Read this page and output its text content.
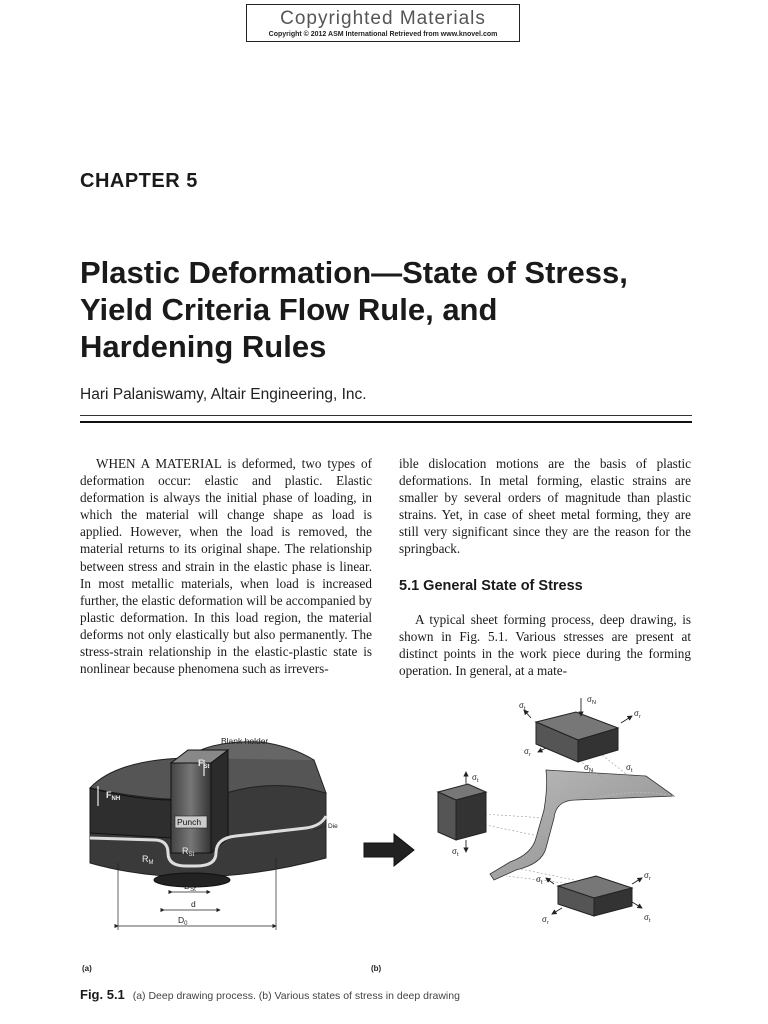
Copyrighted Materials
Copyright © 2012 ASM International Retrieved from www.knovel.com
CHAPTER 5
Plastic Deformation—State of Stress,
Yield Criteria Flow Rule, and
Hardening Rules
Hari Palaniswamy, Altair Engineering, Inc.

WHEN A MATERIAL is deformed, two types of deformation occur: elastic and plastic. Elastic deformation is always the initial phase of loading, in which the material will change shape as load is applied. However, when the load is removed, the material returns to its original shape. The relationship between stress and strain in the elastic phase is linear. In most metallic materials, when load is increased further, the elastic deformation will be accompanied by plastic deformation. In this load region, the material deforms not only elastically but also permanently. The stress-strain relationship in the elastic-plastic state is nonlinear because phenomena such as irrevers-

ible dislocation motions are the basis of plastic deformations. In metal forming, elastic strains are smaller by several orders of magnitude than plastic strains. Yet, in case of sheet metal forming, they are still very significant since they are the reason for the springback.

5.1 General State of Stress

A typical sheet forming process, deep drawing, is shown in Fig. 5.1. Various stresses are present at distinct points in the work piece during the forming operation. In general, at a mate-

Blank holder
$F_{St}$
$F_{NH}$
Punch	Die
$R_M$
$R_{St}$
$D_{St}$
d
$D_0$
(a)
$\sigma_N$
$\sigma_t$	$\sigma_r$
$\sigma_r$
$\sigma_N$	$\sigma_t$
$\sigma_t$
$\sigma_t$
$\sigma_t$
$\sigma_r$
$\sigma_r$
$\sigma_t$
(b)
Fig. 5.1 (a) Deep drawing process. (b) Various states of stress in deep drawing
